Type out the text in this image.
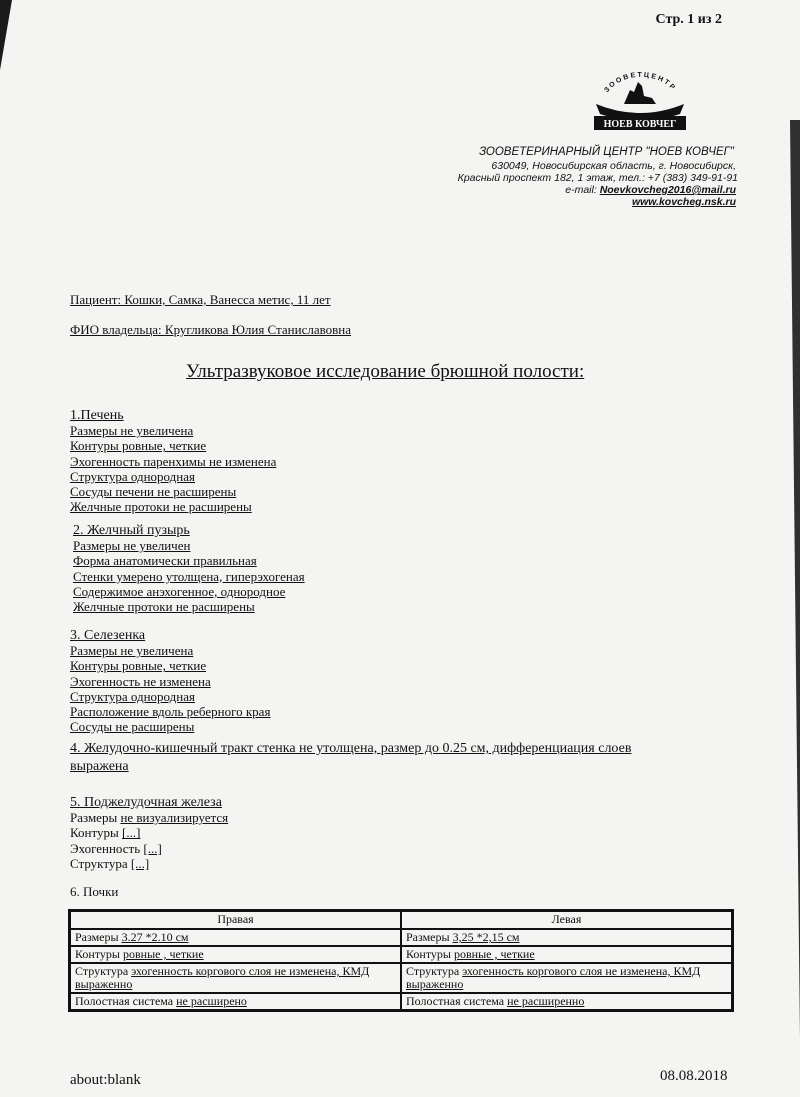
Стр. 1 из 2
ЗООВЕТЦЕНТР
НОЕВ КОВЧЕГ
ЗООВЕТЕРИНАРНЫЙ ЦЕНТР "НОЕВ КОВЧЕГ"
630049, Новосибирская область, г. Новосибирск,
Красный проспект 182, 1 этаж, тел.: +7 (383) 349-91-91
e-mail: Noevkovcheg2016@mail.ru
www.kovcheg.nsk.ru
Пациент: Кошки, Самка, Ванесса метис, 11 лет
ФИО владельца: Кругликова Юлия Станиславовна
Ультразвуковое исследование брюшной полости:
1.Печень
Размеры не увеличена
Контуры ровные, четкие
Эхогенность паренхимы не изменена
Структура однородная
Сосуды печени не расширены
Желчные протоки не расширены
2. Желчный пузырь
Размеры не увеличен
Форма анатомически правильная
Стенки умерено утолщена, гиперэхогеная
Содержимое анэхогенное, однородное
Желчные протоки не расширены
3. Селезенка
Размеры не увеличена
Контуры ровные, четкие
Эхогенность не изменена
Структура однородная
Расположение вдоль реберного края
Сосуды не расширены
4. Желудочно-кишечный тракт стенка не утолщена, размер до 0.25 см, дифференциация слоев
выражена
5. Поджелудочная железа
Размеры не визуализируется
Контуры [...]
Эхогенность [...]
Структура [...]
6. Почки
Правая	Левая
Размеры 3.27 *2.10 см	Размеры 3,25 *2,15 см
Контуры ровные , четкие	Контуры ровные , четкие
Структура эхогенность коргового слоя не изменена, КМД выраженно	Структура эхогенность коргового слоя не изменена, КМД выраженно
Полостная система не расширено	Полостная система не расширенно
about:blank	08.08.2018
